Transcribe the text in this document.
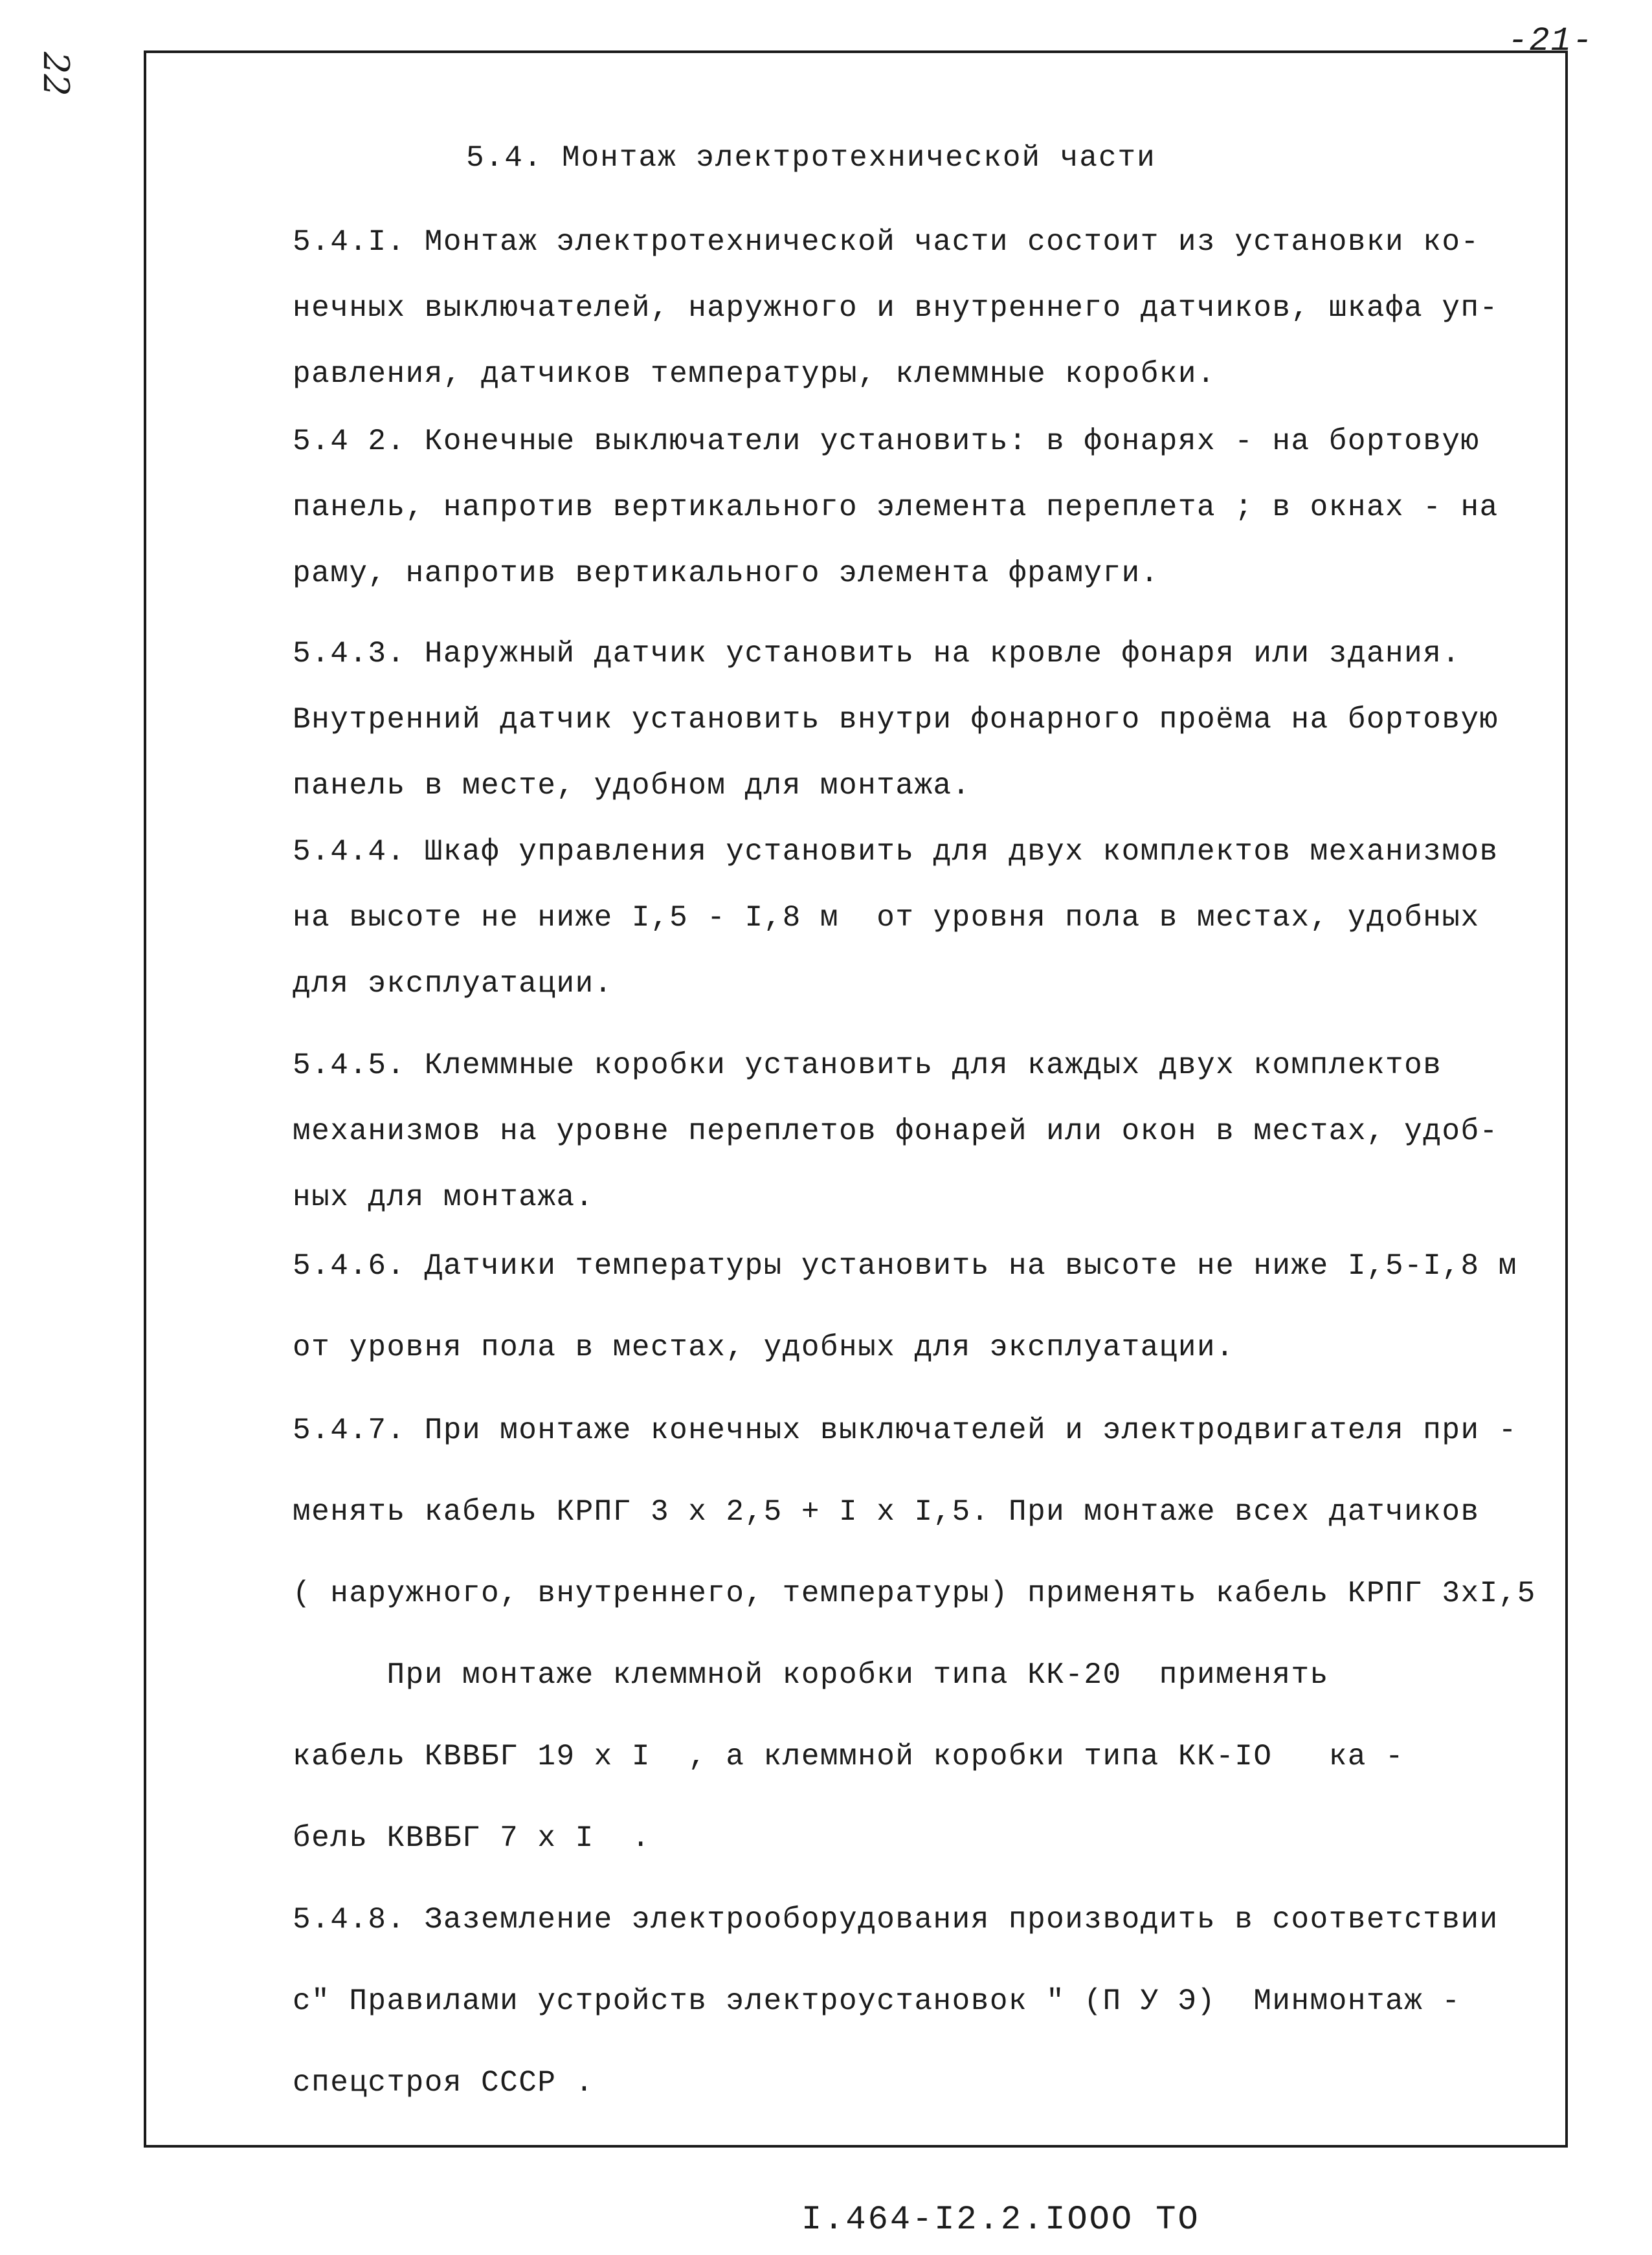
-21-
22
5.4. Монтаж электротехнической части
5.4.I. Монтаж электротехнической части состоит из установки ко-
нечных выключателей, наружного и внутреннего датчиков, шкафа уп-
равления, датчиков температуры, клеммные коробки.
5.4 2. Конечные выключатели установить: в фонарях - на бортовую
панель, напротив вертикального элемента переплета ; в окнах - на
раму, напротив вертикального элемента фрамуги.
5.4.3. Наружный датчик установить на кровле фонаря или здания.
Внутренний датчик установить внутри фонарного проёма на бортовую
панель в месте, удобном для монтажа.
5.4.4. Шкаф управления установить для двух комплектов механизмов
на высоте не ниже I,5 - I,8 м  от уровня пола в местах, удобных
для эксплуатации.
5.4.5. Клеммные коробки установить для каждых двух комплектов
механизмов на уровне переплетов фонарей или окон в местах, удоб-
ных для монтажа.
5.4.6. Датчики температуры установить на высоте не ниже I,5-I,8 м
от уровня пола в местах, удобных для эксплуатации.
5.4.7. При монтаже конечных выключателей и электродвигателя при -
менять кабель КРПГ 3 х 2,5 + I х I,5. При монтаже всех датчиков
( наружного, внутреннего, температуры) применять кабель КРПГ 3хI,5
При монтаже клеммной коробки типа КК-20  применять
кабель КВВБГ 19 х I  , а клеммной коробки типа КК-IO   ка -
бель КВВБГ 7 х I  .
5.4.8. Заземление электрооборудования производить в соответствии
с" Правилами устройств электроустановок " (П У Э)  Минмонтаж -
спецстроя СССР .
I.464-I2.2.IOOO ТО
